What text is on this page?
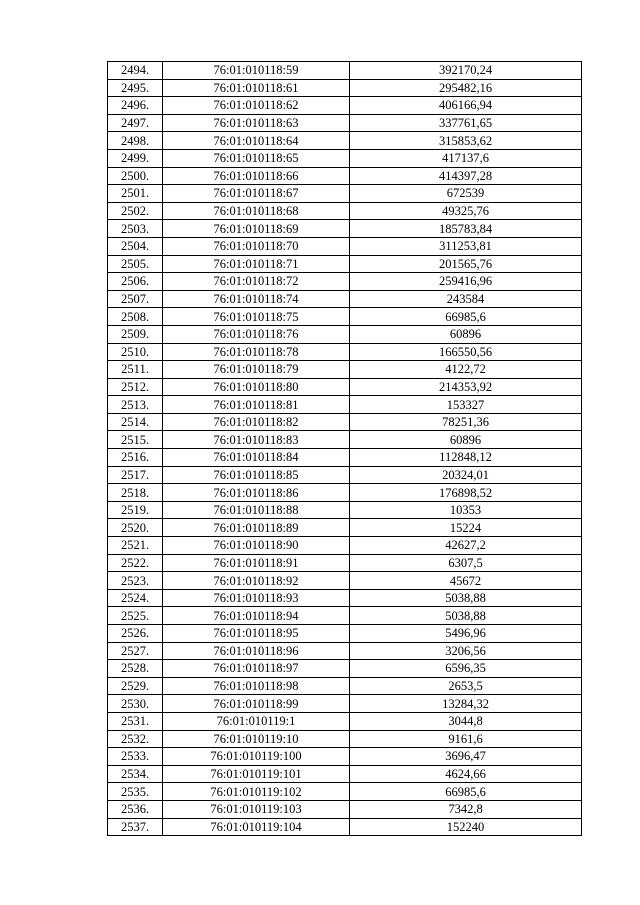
2494.	76:01:010118:59	392170,24
2495.	76:01:010118:61	295482,16
2496.	76:01:010118:62	406166,94
2497.	76:01:010118:63	337761,65
2498.	76:01:010118:64	315853,62
2499.	76:01:010118:65	417137,6
2500.	76:01:010118:66	414397,28
2501.	76:01:010118:67	672539
2502.	76:01:010118:68	49325,76
2503.	76:01:010118:69	185783,84
2504.	76:01:010118:70	311253,81
2505.	76:01:010118:71	201565,76
2506.	76:01:010118:72	259416,96
2507.	76:01:010118:74	243584
2508.	76:01:010118:75	66985,6
2509.	76:01:010118:76	60896
2510.	76:01:010118:78	166550,56
2511.	76:01:010118:79	4122,72
2512.	76:01:010118:80	214353,92
2513.	76:01:010118:81	153327
2514.	76:01:010118:82	78251,36
2515.	76:01:010118:83	60896
2516.	76:01:010118:84	112848,12
2517.	76:01:010118:85	20324,01
2518.	76:01:010118:86	176898,52
2519.	76:01:010118:88	10353
2520.	76:01:010118:89	15224
2521.	76:01:010118:90	42627,2
2522.	76:01:010118:91	6307,5
2523.	76:01:010118:92	45672
2524.	76:01:010118:93	5038,88
2525.	76:01:010118:94	5038,88
2526.	76:01:010118:95	5496,96
2527.	76:01:010118:96	3206,56
2528.	76:01:010118:97	6596,35
2529.	76:01:010118:98	2653,5
2530.	76:01:010118:99	13284,32
2531.	76:01:010119:1	3044,8
2532.	76:01:010119:10	9161,6
2533.	76:01:010119:100	3696,47
2534.	76:01:010119:101	4624,66
2535.	76:01:010119:102	66985,6
2536.	76:01:010119:103	7342,8
2537.	76:01:010119:104	152240
